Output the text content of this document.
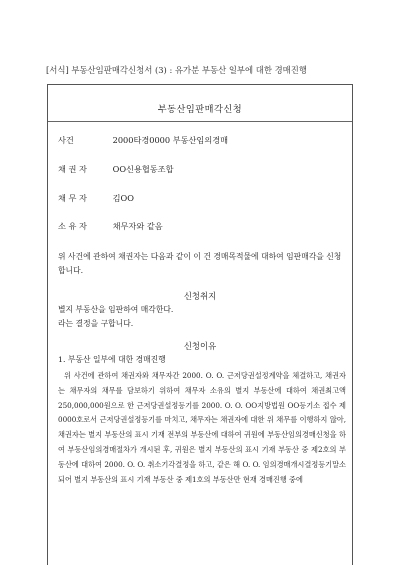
[서식] 부동산임판매각신청서 (3) : 유가분 부동산 일부에 대한 경매진행
부동산임판매각신청
사건	2000타경0000 부동산임의경매
채 권 자	OO신용협동조합
채 무 자	김OO
소 유 자	채무자와 같음
위 사건에 관하여 채권자는 다음과 같이 이 건 경매목적물에 대하여 임판매각을 신청합니다.
신청취지
별지 부동산을 임판하여 매각한다.
라는 결정을 구합니다.
신청이유
1. 부동산 일부에 대한 경매진행
위 사건에 관하여 채권자와 채무자간 2000. O. O. 근저당권설정계약을 체결하고, 채권자는 채무자의 채무를 담보하기 위하여 채무자 소유의 별지 부동산에 대하여 채권최고액 250,000,000원으로 한 근저당권설정등기를 2000. O. O. OO지방법원 OO등기소 접수 제0000호로서 근저당권설정등기를 마치고, 채무자는 채권자에 대한 위 채무를 이행하지 않아, 채권자는 별지 부동산의 표시 기재 전부의 부동산에 대하여 귀원에 부동산임의경매신청을 하여 부동산임의경매절차가 개시된 후, 귀원은 별지 부동산의 표시 기재 부동산 중 제2호의 부동산에 대하여 2000. O. O. 취소기각결정을 하고, 같은 해 O. O. 임의경매개시결정등기말소되어 별지 부동산의 표시 기재 부동산 중 제1호의 부동산만 현재 경매진행 중에
